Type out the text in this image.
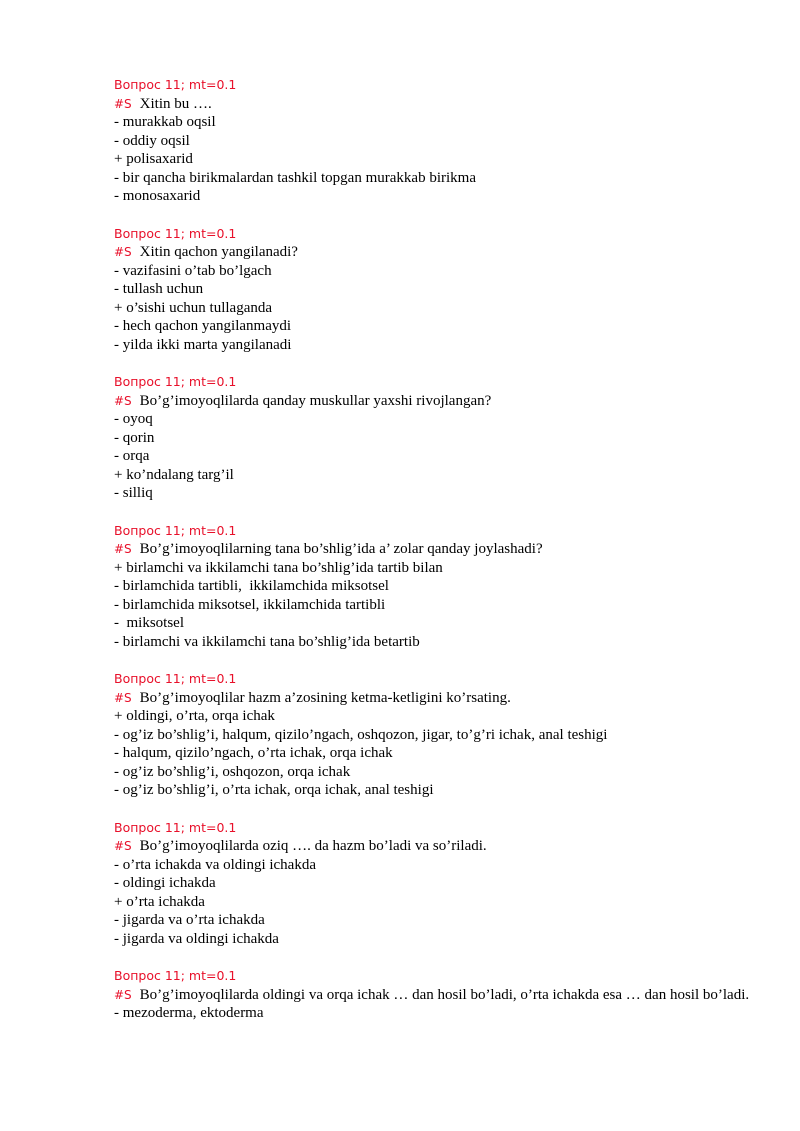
Вопрос 11; mt=0.1
#S Xitin bu ….
- murakkab oqsil
- oddiy oqsil
+ polisaxarid
- bir qancha birikmalardan tashkil topgan murakkab birikma
- monosaxarid
Вопрос 11; mt=0.1
#S Xitin qachon yangilanadi?
- vazifasini o’tab bo’lgach
- tullash uchun
+ o’sishi uchun tullaganda
- hech qachon yangilanmaydi
- yilda ikki marta yangilanadi
Вопрос 11; mt=0.1
#S Bo’g’imoyoqlilarda qanday muskullar yaxshi rivojlangan?
- oyoq
- qorin
- orqa
+ ko’ndalang targ’il
- silliq
Вопрос 11; mt=0.1
#S Bo’g’imoyoqlilarning tana bo’shlig’ida a’ zolar qanday joylashadi?
+ birlamchi va ikkilamchi tana bo’shlig’ida tartib bilan
- birlamchida tartibli,  ikkilamchida miksotsel
- birlamchida miksotsel, ikkilamchida tartibli
-  miksotsel
- birlamchi va ikkilamchi tana bo’shlig’ida betartib
Вопрос 11; mt=0.1
#S Bo’g’imoyoqlilar hazm a’zosining ketma-ketligini ko’rsating.
+ oldingi, o’rta, orqa ichak
- og’iz bo’shlig’i, halqum, qizilo’ngach, oshqozon, jigar, to’g’ri ichak, anal teshigi
- halqum, qizilo’ngach, o’rta ichak, orqa ichak
- og’iz bo’shlig’i, oshqozon, orqa ichak
- og’iz bo’shlig’i, o’rta ichak, orqa ichak, anal teshigi
Вопрос 11; mt=0.1
#S Bo’g’imoyoqlilarda oziq …. da hazm bo’ladi va so’riladi.
- o’rta ichakda va oldingi ichakda
- oldingi ichakda
+ o’rta ichakda
- jigarda va o’rta ichakda
- jigarda va oldingi ichakda
Вопрос 11; mt=0.1
#S Bo’g’imoyoqlilarda oldingi va orqa ichak … dan hosil bo’ladi, o’rta ichakda esa … dan hosil bo’ladi.
- mezoderma, ektoderma
